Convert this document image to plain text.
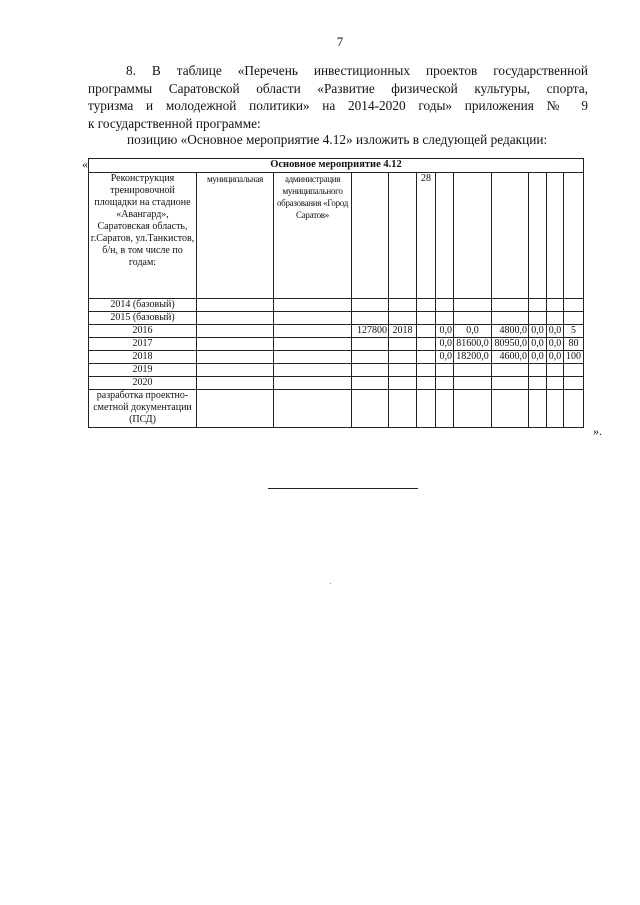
7
8. В таблице «Перечень инвестиционных проектов государственной
программы Саратовской области «Развитие физической культуры, спорта,
туризма и молодежной политики» на 2014-2020 годы» приложения № 9
к государственной программе:
позицию «Основное мероприятие 4.12» изложить в следующей редакции:
«	Основное мероприятие 4.12											
Реконструкция тренировочной площадки на стадионе «Авангард», Саратовская область, г.Саратов, ул.Танкистов, б/н, в том числе по годам:	муниципальная	администрация муниципального образования «Город Саратов»			28						
2014 (базовый)											
2015 (базовый)											
2016			127800	2018		0,0	0,0	4800,0	0,0	0,0	5
2017						0,0	81600,0	80950,0	0,0	0,0	80
2018						0,0	18200,0	4600,0	0,0	0,0	100
2019											
2020											
разработка проектно-сметной документации (ПСД)											
».
